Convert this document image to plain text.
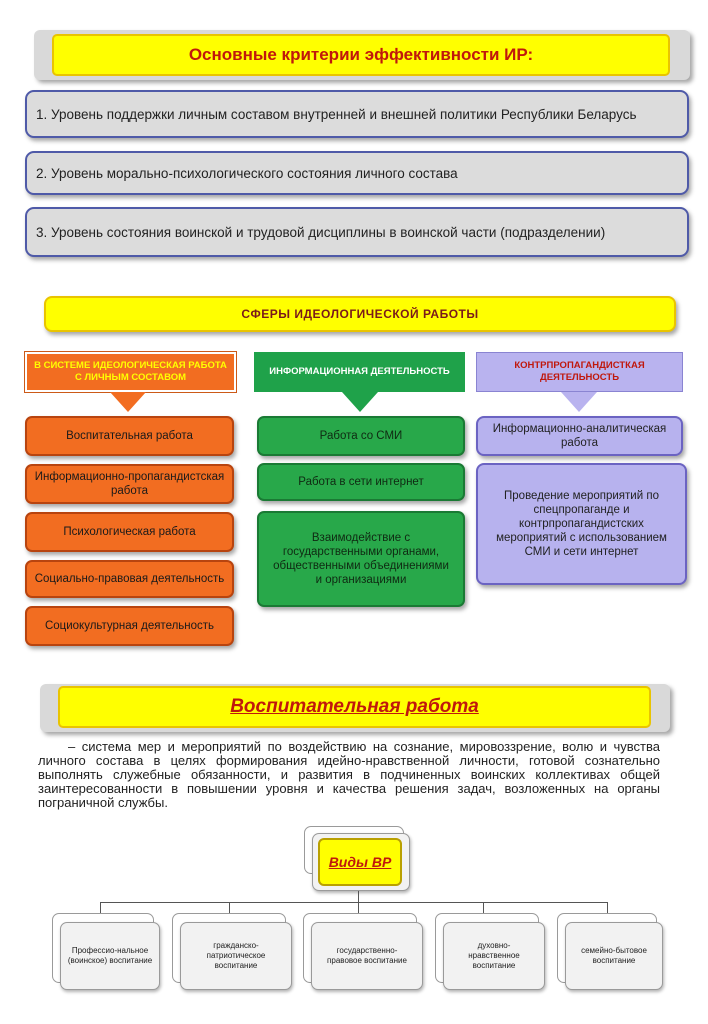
Основные критерии эффективности ИР:
1. Уровень поддержки личным составом внутренней и внешней политики Республики Беларусь
2. Уровень морально-психологического состояния личного состава
3. Уровень состояния воинской и трудовой дисциплины в воинской части (подразделении)
СФЕРЫ ИДЕОЛОГИЧЕСКОЙ РАБОТЫ
В СИСТЕМЕ ИДЕОЛОГИЧЕСКАЯ РАБОТА С ЛИЧНЫМ СОСТАВОМ
ИНФОРМАЦИОННАЯ ДЕЯТЕЛЬНОСТЬ
КОНТРПРОПАГАНДИСТКАЯ ДЕЯТЕЛЬНОСТЬ
Воспитательная работа
Информационно-пропагандистская работа
Психологическая работа
Социально-правовая деятельность
Социокультурная деятельность
Работа со СМИ
Работа в сети интернет
Взаимодействие с государственными органами, общественными объединениями и организациями
Информационно-аналитическая работа
Проведение мероприятий по спецпропаганде и контрпропагандистских мероприятий с использованием СМИ и сети интернет
Воспитательная работа
– система мер и мероприятий по воздействию на сознание, мировоззрение, волю и чувства личного состава в целях формирования идейно-нравственной личности, готовой сознательно выполнять служебные обязанности, и развития в подчиненных воинских коллективах общей заинтересованности в повышении уровня и качества решения задач, возложенных на органы пограничной службы.
Виды ВР
Профессио-нальное (воинское) воспитание
гражданско-патриотическое воспитание
государственно-правовое воспитание
духовно-нравственное воспитание
семейно-бытовое воспитание
